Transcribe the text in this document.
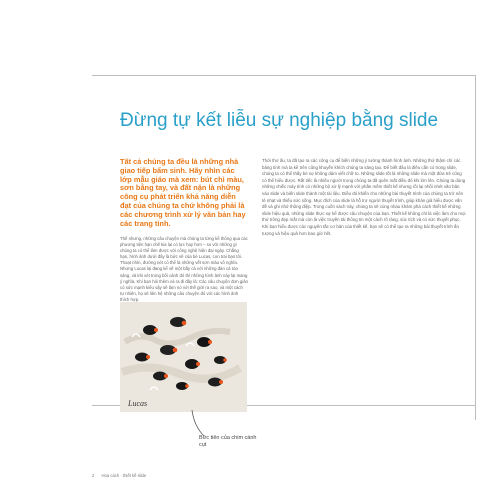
Đừng tự kết liễu sự nghiệp bằng slide

Tất cả chúng ta đều là những nhà giao tiếp bẩm sinh. Hãy nhìn các lớp mẫu giáo mà xem: bút chì màu, sơn bằng tay, và đất nặn là những công cụ phát triển khả năng diễn đạt của chúng ta chứ không phải là các chương trình xử lý văn bản hay các trang tính.

Thế nhưng, những câu chuyện mà chúng ta từng kể thông qua các phương tiện hạn chế kia lại có lực hay hơn – so với những gì chúng ta có thể làm được với công nghệ hiện đại ngày. Chẳng hạn, hình ảnh dưới đây là bức vẽ của bé Lucas, con trai bạn tôi. Thoạt nhìn, đường nét có thể là những vết sơn màu vô nghĩa. Nhưng Lucas lại đang kể về một bầy cá với những đàn cá tỏa sáng, và khi xét trong bối cảnh đó thì những hình ảnh này lại mang ý nghĩa. Khi bạn hỏi thêm và ra đi đây là: Các câu chuyện đơn giản có sức mạnh kiểu vậy sẽ làm nó với thế giới ra sao, và một cách tự nhiên, họ sẽ liên hệ những câu chuyện đó với các hình ảnh thích hợp.

Thời thơ ấu, ta đã tạo ra các công cụ để biến những ý tưởng thành hình ảnh. Những thứ thậm chí các bảng tính mà ta kể trên cũng khuyến khích chúng ta sáng tạo. Để biết đâu là điều cần có trong slide, chúng ta có thể thấy bé sợ không dám viết chữ to. Những slide tốt là những slide mà một đứa trẻ cũng có thể hiểu được. Rất tiếc là nhiều người trong chúng ta đã quên mất điều đó khi lớn lên. Chúng ta dùng những chiếc máy tính có những bộ xử lý mạnh với phần mềm thiết kế nhưng rồi lại nhồi nhét văn bản vào slide và biến slide thành một tài liệu. Điều đó khiến cho những bài thuyết trình của chúng ta trở nên tẻ nhạt và thiếu sức sống. Mục đích của slide là hỗ trợ người thuyết trình, giúp khán giả hiểu được vấn đề và ghi nhớ thông điệp. Trong cuốn sách này, chúng ta sẽ cùng nhau khám phá cách thiết kế những slide hiệu quả, những slide thực sự kể được câu chuyện của bạn. Thiết kế không chỉ là việc làm cho mọi thứ trông đẹp mắt mà còn là việc truyền tải thông tin một cách rõ ràng, súc tích và có sức thuyết phục. Khi bạn hiểu được các nguyên tắc cơ bản của thiết kế, bạn sẽ có thể tạo ra những bài thuyết trình ấn tượng và hiệu quả hơn bao giờ hết.

Lucas

Bức tiên của chim cánh cụt

2 Hoa cách · thiết kế slide
